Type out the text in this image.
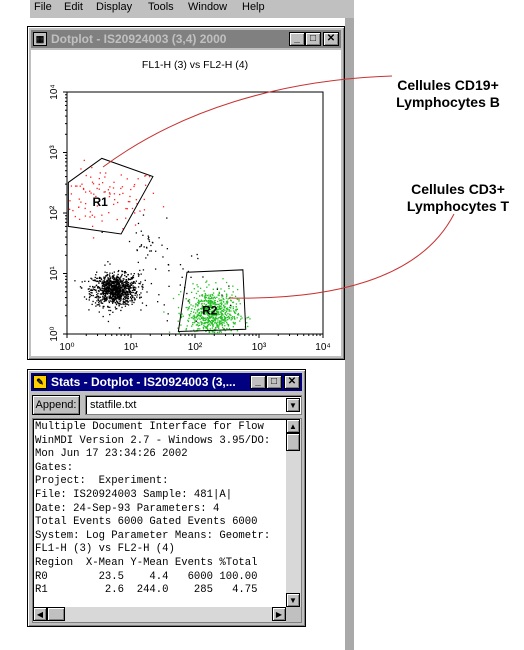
File Edit Display Tools Window Help
▦ Dotplot - IS20924003 (3,4) 2000	_	□	✕
FL1-H (3) vs FL2-H (4)
10⁰
10⁰
10¹
10¹
10²
10²
10³
10³
10⁴
10⁴
R1
R2
Cellules CD19+
Lymphocytes B
Cellules CD3+
Lymphocytes T
✎ Stats - Dotplot - IS20924003 (3,...	_	□	✕
Append:	statfile.txt	▼
Multiple Document Interface for Flow
WinMDI Version 2.7 - Windows 3.95/DO:
Mon Jun 17 23:34:26 2002
Gates:
Project:  Experiment:
File: IS20924003 Sample: 481|A|
Date: 24-Sep-93 Parameters: 4
Total Events 6000 Gated Events 6000
System: Log Parameter Means: Geometr:
FL1-H (3) vs FL2-H (4)
Region  X-Mean Y-Mean Events %Total
R0        23.5    4.4   6000 100.00
R1         2.6  244.0    285   4.75
▲
▼
◀	▶
